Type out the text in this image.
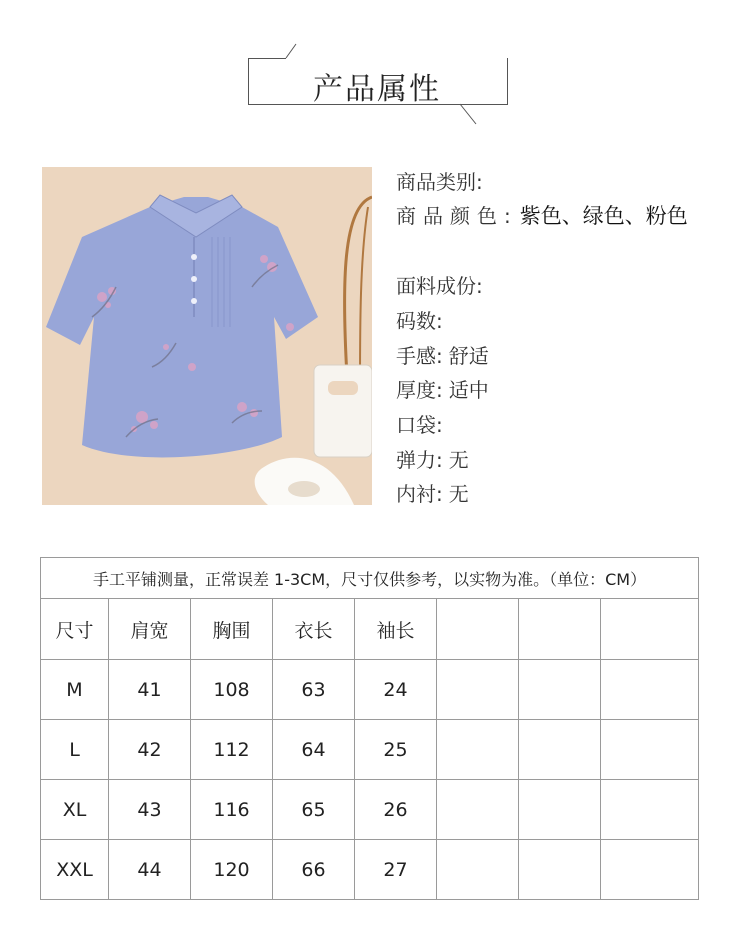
产品属性
商品类别:
商品颜色:紫色、绿色、粉色
面料成份:
码数:
手感: 舒适
厚度: 适中
口袋:
弹力: 无
内衬: 无
手工平铺测量，正常误差 1-3CM，尺寸仅供参考，以实物为准。（单位：CM）							
尺寸	肩宽	胸围	衣长	袖长			
M	41	108	63	24			
L	42	112	64	25			
XL	43	116	65	26			
XXL	44	120	66	27			
